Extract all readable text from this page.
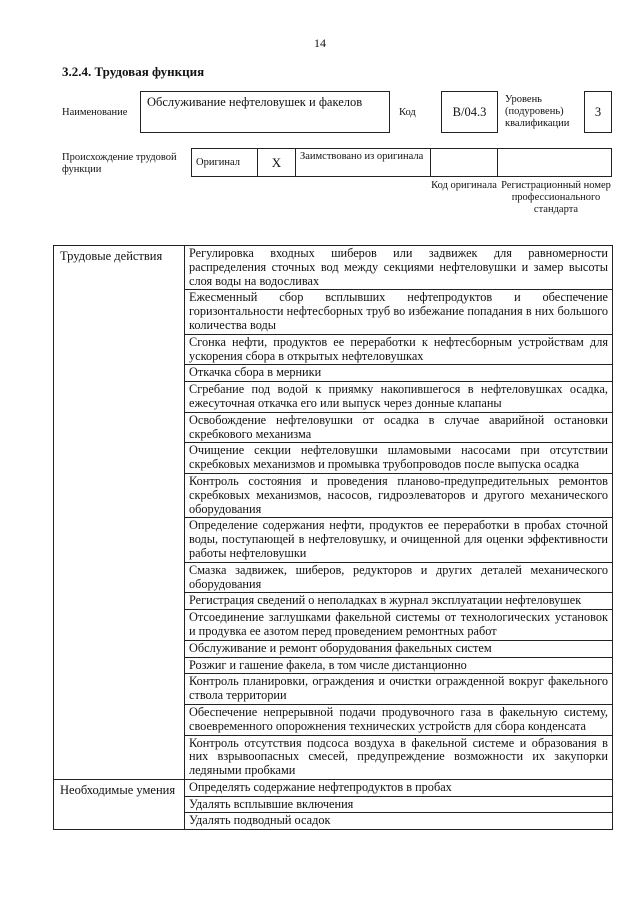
14
3.2.4. Трудовая функция
Наименование
Обслуживание нефтеловушек и факелов
Код	B/04.3
Уровень (подуровень) квалификации
3
Происхождение трудовой функции
Оригинал X	Заимствовано из оригинала
Код оригинала Регистрационный номер профессионального стандарта
Трудовые действия	Регулировка входных шиберов или задвижек для равномерности распределения сточных вод между секциями нефтеловушки и замер высоты слоя воды на водосливах
	Ежесменный сбор всплывших нефтепродуктов и обеспечение горизонтальности нефтесборных труб во избежание попадания в них большого количества воды
	Сгонка нефти, продуктов ее переработки к нефтесборным устройствам для ускорения сбора в открытых нефтеловушках
	Откачка сбора в мерники
	Сгребание под водой к приямку накопившегося в нефтеловушках осадка, ежесуточная откачка его или выпуск через донные клапаны
	Освобождение нефтеловушки от осадка в случае аварийной остановки скребкового механизма
	Очищение секции нефтеловушки шламовыми насосами при отсутствии скребковых механизмов и промывка трубопроводов после выпуска осадка
	Контроль состояния и проведения планово-предупредительных ремонтов скребковых механизмов, насосов, гидроэлеваторов и другого механического оборудования
	Определение содержания нефти, продуктов ее переработки в пробах сточной воды, поступающей в нефтеловушку, и очищенной для оценки эффективности работы нефтеловушки
	Смазка задвижек, шиберов, редукторов и других деталей механического оборудования
	Регистрация сведений о неполадках в журнал эксплуатации нефтеловушек
	Отсоединение заглушками факельной системы от технологических установок и продувка ее азотом перед проведением ремонтных работ
	Обслуживание и ремонт оборудования факельных систем
	Розжиг и гашение факела, в том числе дистанционно
	Контроль планировки, ограждения и очистки огражденной вокруг факельного ствола территории
	Обеспечение непрерывной подачи продувочного газа в факельную систему, своевременного опорожнения технических устройств для сбора конденсата
	Контроль отсутствия подсоса воздуха в факельной системе и образования в них взрывоопасных смесей, предупреждение возможности их закупорки ледяными пробками
Необходимые умения	Определять содержание нефтепродуктов в пробах
	Удалять всплывшие включения
	Удалять подводный осадок
